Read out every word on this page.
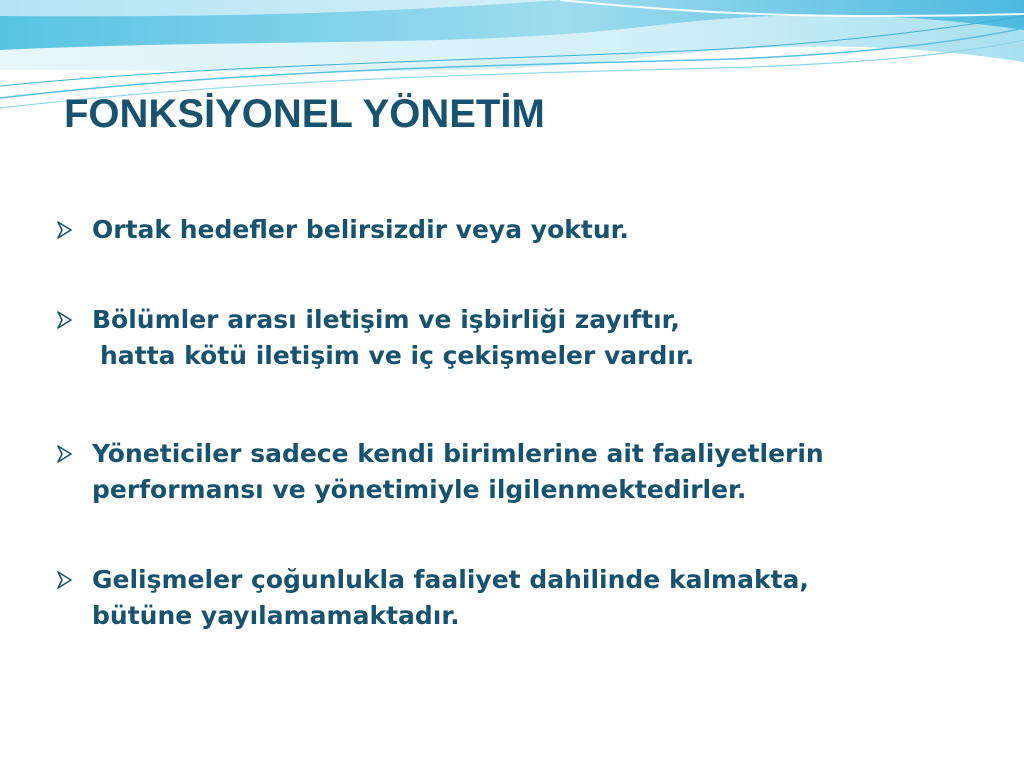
FONKSİYONEL YÖNETİM
Ortak hedefler belirsizdir veya yoktur.
Bölümler arası iletişim ve işbirliği zayıftır,
hatta kötü iletişim ve iç çekişmeler vardır.
Yöneticiler sadece kendi birimlerine ait faaliyetlerin
performansı ve yönetimiyle ilgilenmektedirler.
Gelişmeler çoğunlukla faaliyet dahilinde kalmakta,
bütüne yayılamamaktadır.
